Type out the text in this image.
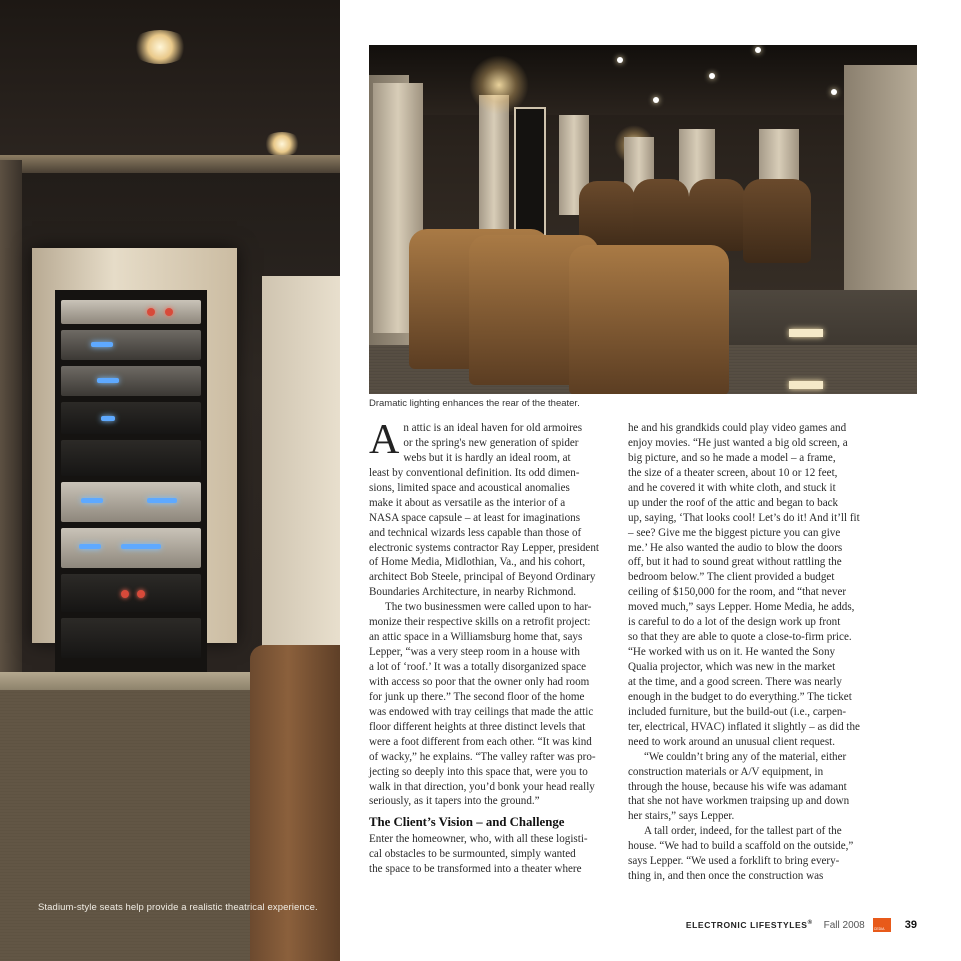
Stadium-style seats help provide a realistic theatrical experience.
Dramatic lighting enhances the rear of the theater.
A n attic is an ideal haven for old armoires
or the spring's new generation of spider
webs but it is hardly an ideal room, at
least by conventional definition. Its odd dimen-
sions, limited space and acoustical anomalies
make it about as versatile as the interior of a
NASA space capsule – at least for imaginations
and technical wizards less capable than those of
electronic systems contractor Ray Lepper, president
of Home Media, Midlothian, Va., and his cohort,
architect Bob Steele, principal of Beyond Ordinary
Boundaries Architecture, in nearby Richmond.
The two businessmen were called upon to har-
monize their respective skills on a retrofit project:
an attic space in a Williamsburg home that, says
Lepper, “was a very steep room in a house with
a lot of ‘roof.’ It was a totally disorganized space
with access so poor that the owner only had room
for junk up there.” The second floor of the home
was endowed with tray ceilings that made the attic
floor different heights at three distinct levels that
were a foot different from each other. “It was kind
of wacky,” he explains. “The valley rafter was pro-
jecting so deeply into this space that, were you to
walk in that direction, you’d bonk your head really
seriously, as it tapers into the ground.”
The Client’s Vision – and Challenge
Enter the homeowner, who, with all these logisti-
cal obstacles to be surmounted, simply wanted
the space to be transformed into a theater where
he and his grandkids could play video games and
enjoy movies. “He just wanted a big old screen, a
big picture, and so he made a model – a frame,
the size of a theater screen, about 10 or 12 feet,
and he covered it with white cloth, and stuck it
up under the roof of the attic and began to back
up, saying, ‘That looks cool! Let’s do it! And it’ll fit
– see? Give me the biggest picture you can give
me.’ He also wanted the audio to blow the doors
off, but it had to sound great without rattling the
bedroom below.” The client provided a budget
ceiling of $150,000 for the room, and “that never
moved much,” says Lepper. Home Media, he adds,
is careful to do a lot of the design work up front
so that they are able to quote a close-to-firm price.
“He worked with us on it. He wanted the Sony
Qualia projector, which was new in the market
at the time, and a good screen. There was nearly
enough in the budget to do everything.” The ticket
included furniture, but the build-out (i.e., carpen-
ter, electrical, HVAC) inflated it slightly – as did the
need to work around an unusual client request.
“We couldn’t bring any of the material, either
construction materials or A/V equipment, in
through the house, because his wife was adamant
that she not have workmen traipsing up and down
her stairs,” says Lepper.
A tall order, indeed, for the tallest part of the
house. “We had to build a scaffold on the outside,”
says Lepper. “We used a forklift to bring every-
thing in, and then once the construction was
ELECTRONIC LIFESTYLES® Fall 2008	CEDIA 39
